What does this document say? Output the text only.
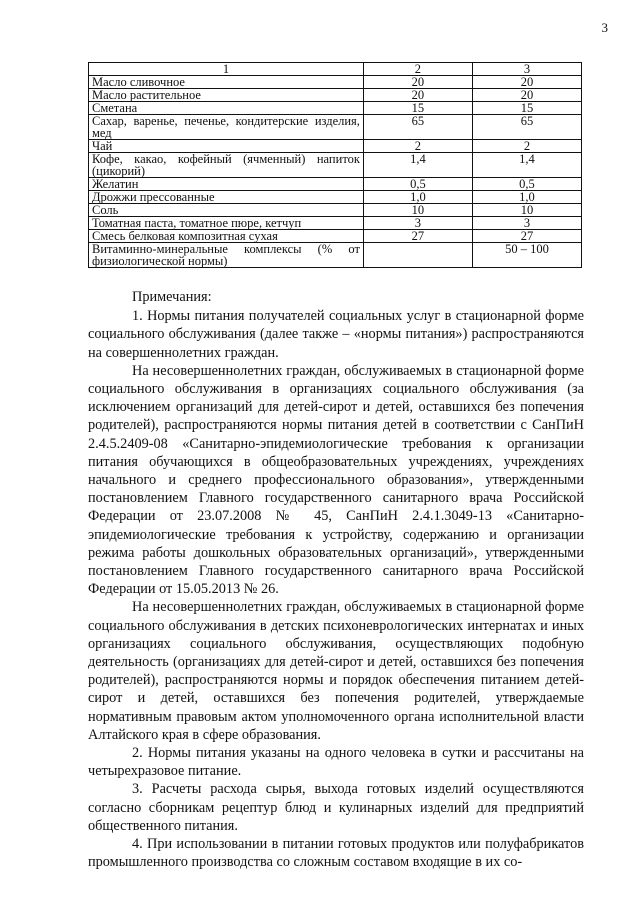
3
1	2	3
Масло сливочное	20	20
Масло растительное	20	20
Сметана	15	15
Сахар, варенье, печенье, кондитерские изделия, мед	65	65
Чай	2	2
Кофе, какао, кофейный (ячменный) напиток (цикорий)	1,4	1,4
Желатин	0,5	0,5
Дрожжи прессованные	1,0	1,0
Соль	10	10
Томатная паста, томатное пюре, кетчуп	3	3
Смесь белковая композитная сухая	27	27
Витаминно-минеральные комплексы (% от физиологической нормы)		50 – 100

Примечания:

1. Нормы питания получателей социальных услуг в стационарной форме социального обслуживания (далее также – «нормы питания») распространяются на совершеннолетних граждан.

На несовершеннолетних граждан, обслуживаемых в стационарной форме социального обслуживания в организациях социального обслуживания (за исключением организаций для детей-сирот и детей, оставшихся без попечения родителей), распространяются нормы питания детей в соответствии с СанПиН 2.4.5.2409-08 «Санитарно-эпидемиологические требования к организации питания обучающихся в общеобразовательных учреждениях, учреждениях начального и среднего профессионального образования», утвержденными постановлением Главного государственного санитарного врача Российской Федерации от 23.07.2008 № 45, СанПиН 2.4.1.3049-13 «Санитарно-эпидемиологические требования к устройству, содержанию и организации режима работы дошкольных образовательных организаций», утвержденными постановлением Главного государственного санитарного врача Российской Федерации от 15.05.2013 № 26.

На несовершеннолетних граждан, обслуживаемых в стационарной форме социального обслуживания в детских психоневрологических интернатах и иных организациях социального обслуживания, осуществляющих подобную деятельность (организациях для детей-сирот и детей, оставшихся без попечения родителей), распространяются нормы и порядок обеспечения питанием детей-сирот и детей, оставшихся без попечения родителей, утверждаемые нормативным правовым актом уполномоченного органа исполнительной власти Алтайского края в сфере образования.

2. Нормы питания указаны на одного человека в сутки и рассчитаны на четырехразовое питание.

3. Расчеты расхода сырья, выхода готовых изделий осуществляются согласно сборникам рецептур блюд и кулинарных изделий для предприятий общественного питания.

4. При использовании в питании готовых продуктов или полуфабрикатов промышленного производства со сложным составом входящие в их со-
